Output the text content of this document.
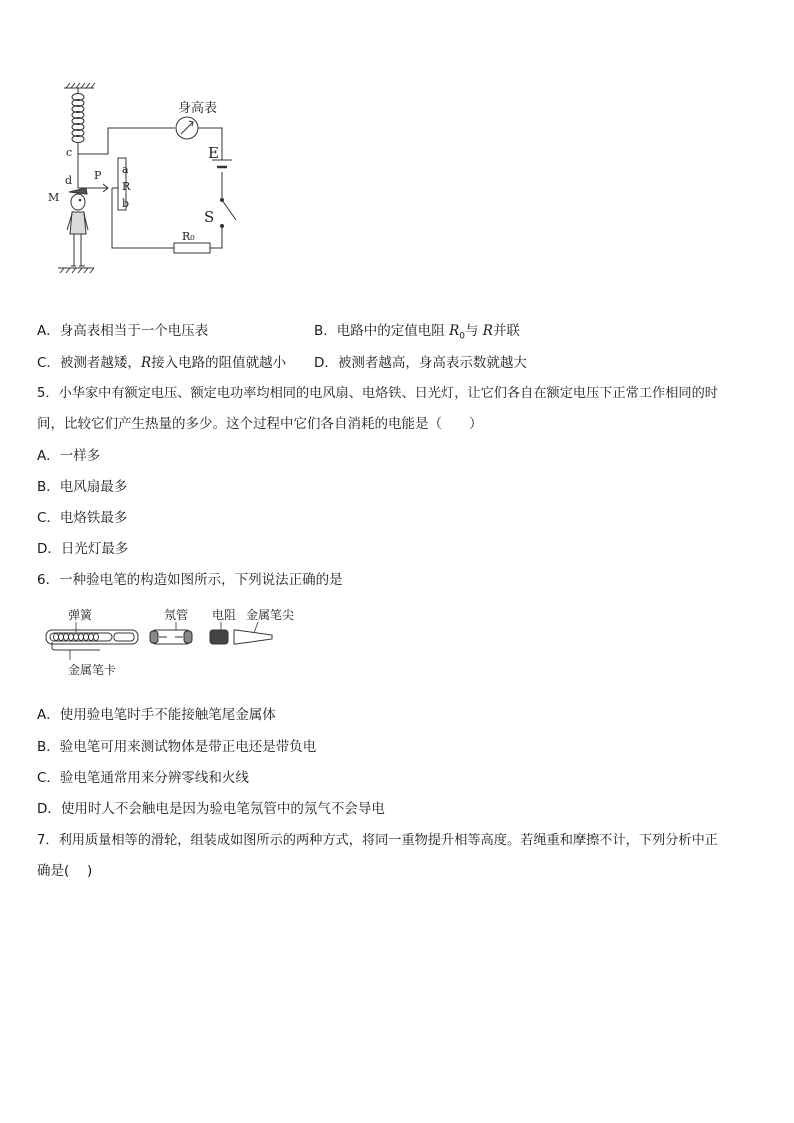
身高表
E
S
R₀
c
d
M
P a
R
b
A．身高表相当于一个电压表	B．电路中的定值电阻 $R_0$与 R并联
C．被测者越矮，R接入电路的阻值就越小 D．被测者越高，身高表示数就越大
5．小华家中有额定电压、额定电功率均相同的电风扇、电烙铁、日光灯，让它们各自在额定电压下正常工作相同的时
间，比较它们产生热量的多少。这个过程中它们各自消耗的电能是（　　）
A．一样多
B．电风扇最多
C．电烙铁最多
D．日光灯最多
6．一种验电笔的构造如图所示，下列说法正确的是
弹簧	氖管 电阻 金属笔尖
金属笔卡
A．使用验电笔时手不能接触笔尾金属体
B．验电笔可用来测试物体是带正电还是带负电
C．验电笔通常用来分辨零线和火线
D．使用时人不会触电是因为验电笔氖管中的氖气不会导电
7．利用质量相等的滑轮，组装成如图所示的两种方式，将同一重物提升相等高度。若绳重和摩擦不计，下列分析中正
确是(　 )
